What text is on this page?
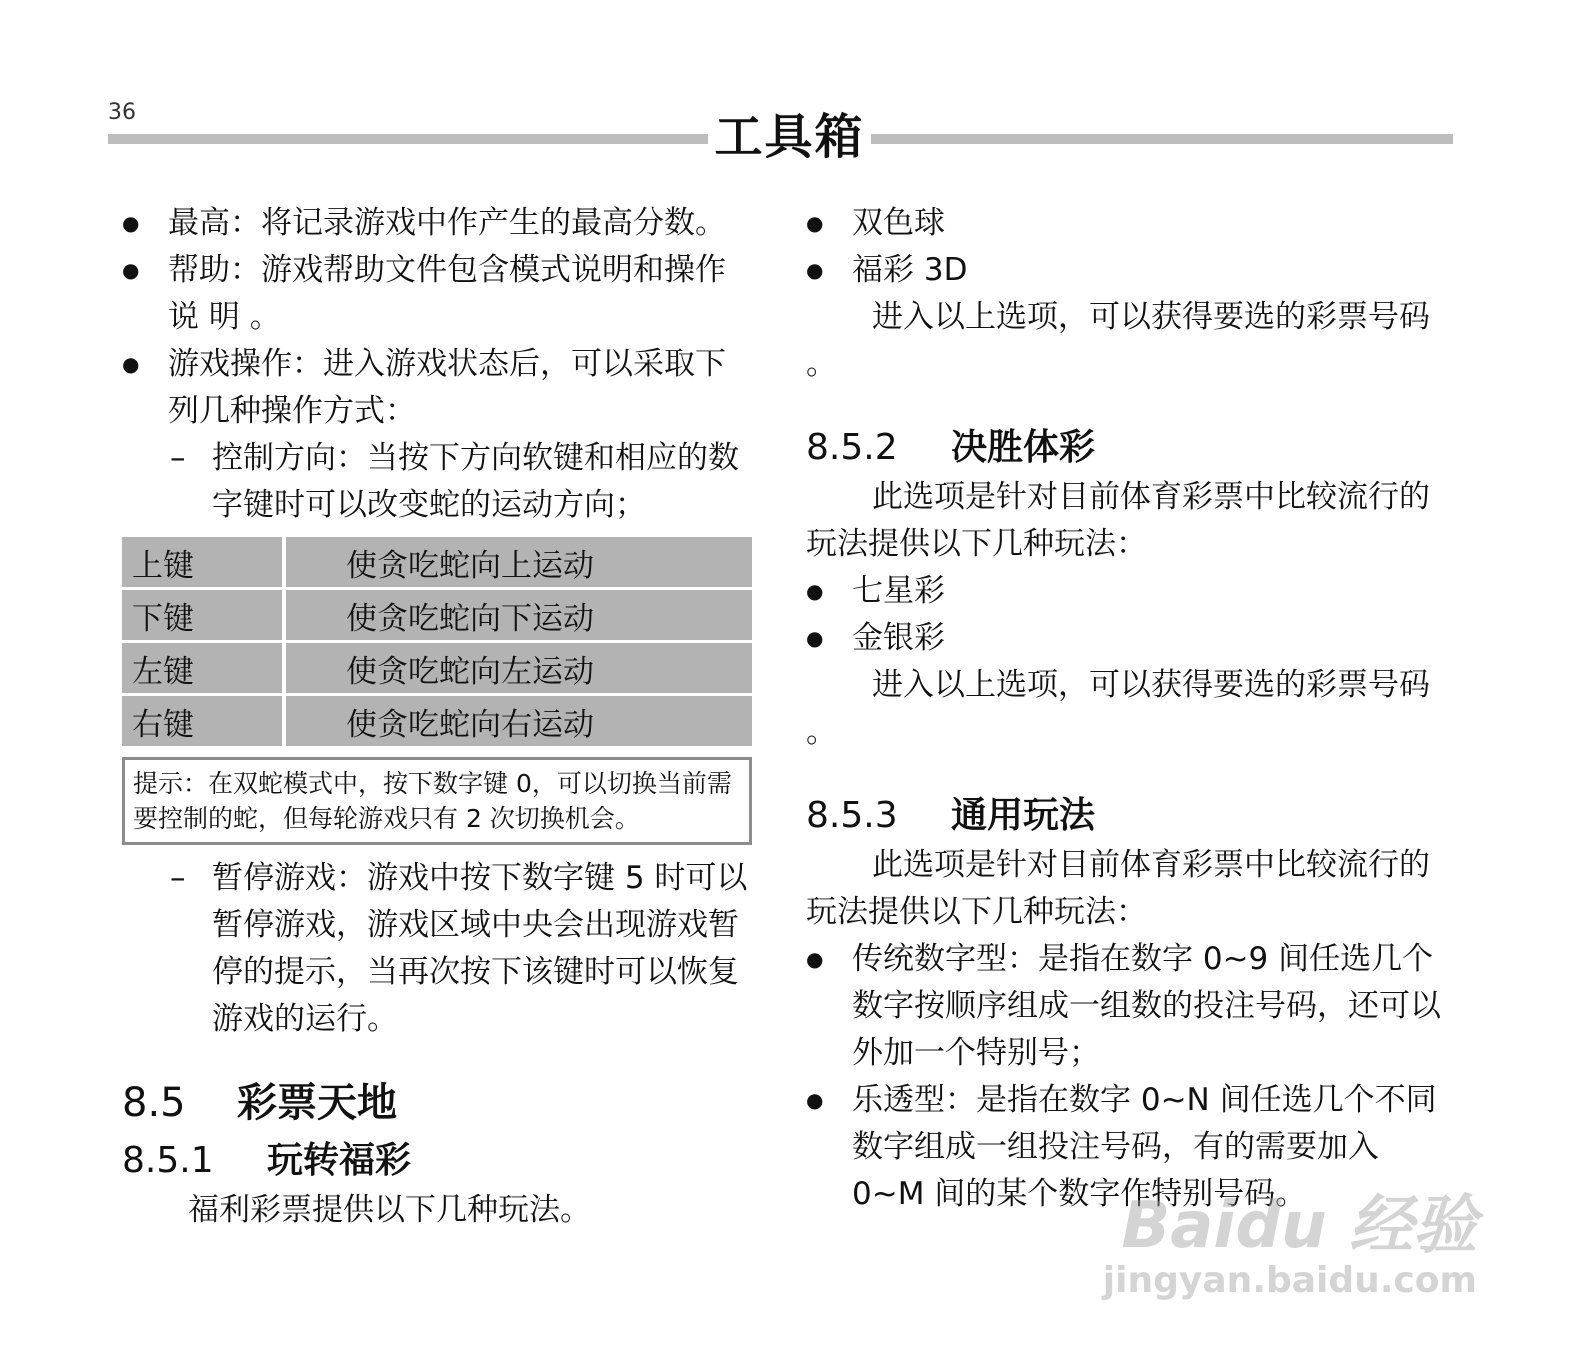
36	工具箱
● 最高：将记录游戏中作产生的最高分数。
● 帮助：游戏帮助文件包含模式说明和操作说 明 。
● 游戏操作：进入游戏状态后，可以采取下列几种操作方式：
– 控制方向：当按下方向软键和相应的数字键时可以改变蛇的运动方向；
上键	使贪吃蛇向上运动
下键	使贪吃蛇向下运动
左键	使贪吃蛇向左运动
右键	使贪吃蛇向右运动
提示：在双蛇模式中，按下数字键 0，可以切换当前需要控制的蛇，但每轮游戏只有 2 次切换机会。
– 暂停游戏：游戏中按下数字键 5 时可以暂停游戏，游戏区域中央会出现游戏暂停的提示，当再次按下该键时可以恢复游戏的运行。
8.5 彩票天地
8.5.1 玩转福彩
福利彩票提供以下几种玩法。
● 双色球
● 福彩 3D
进入以上选项，可以获得要选的彩票号码 。
8.5.2 决胜体彩
此选项是针对目前体育彩票中比较流行的玩法提供以下几种玩法：
● 七星彩
● 金银彩
进入以上选项，可以获得要选的彩票号码 。
8.5.3 通用玩法
此选项是针对目前体育彩票中比较流行的玩法提供以下几种玩法：
● 传统数字型：是指在数字 0~9 间任选几个数字按顺序组成一组数的投注号码，还可以外加一个特别号；
● 乐透型：是指在数字 0~N 间任选几个不同数字组成一组投注号码，有的需要加入 0~M 间的某个数字作特别号码。
Baidu 经验
jingyan.baidu.com
